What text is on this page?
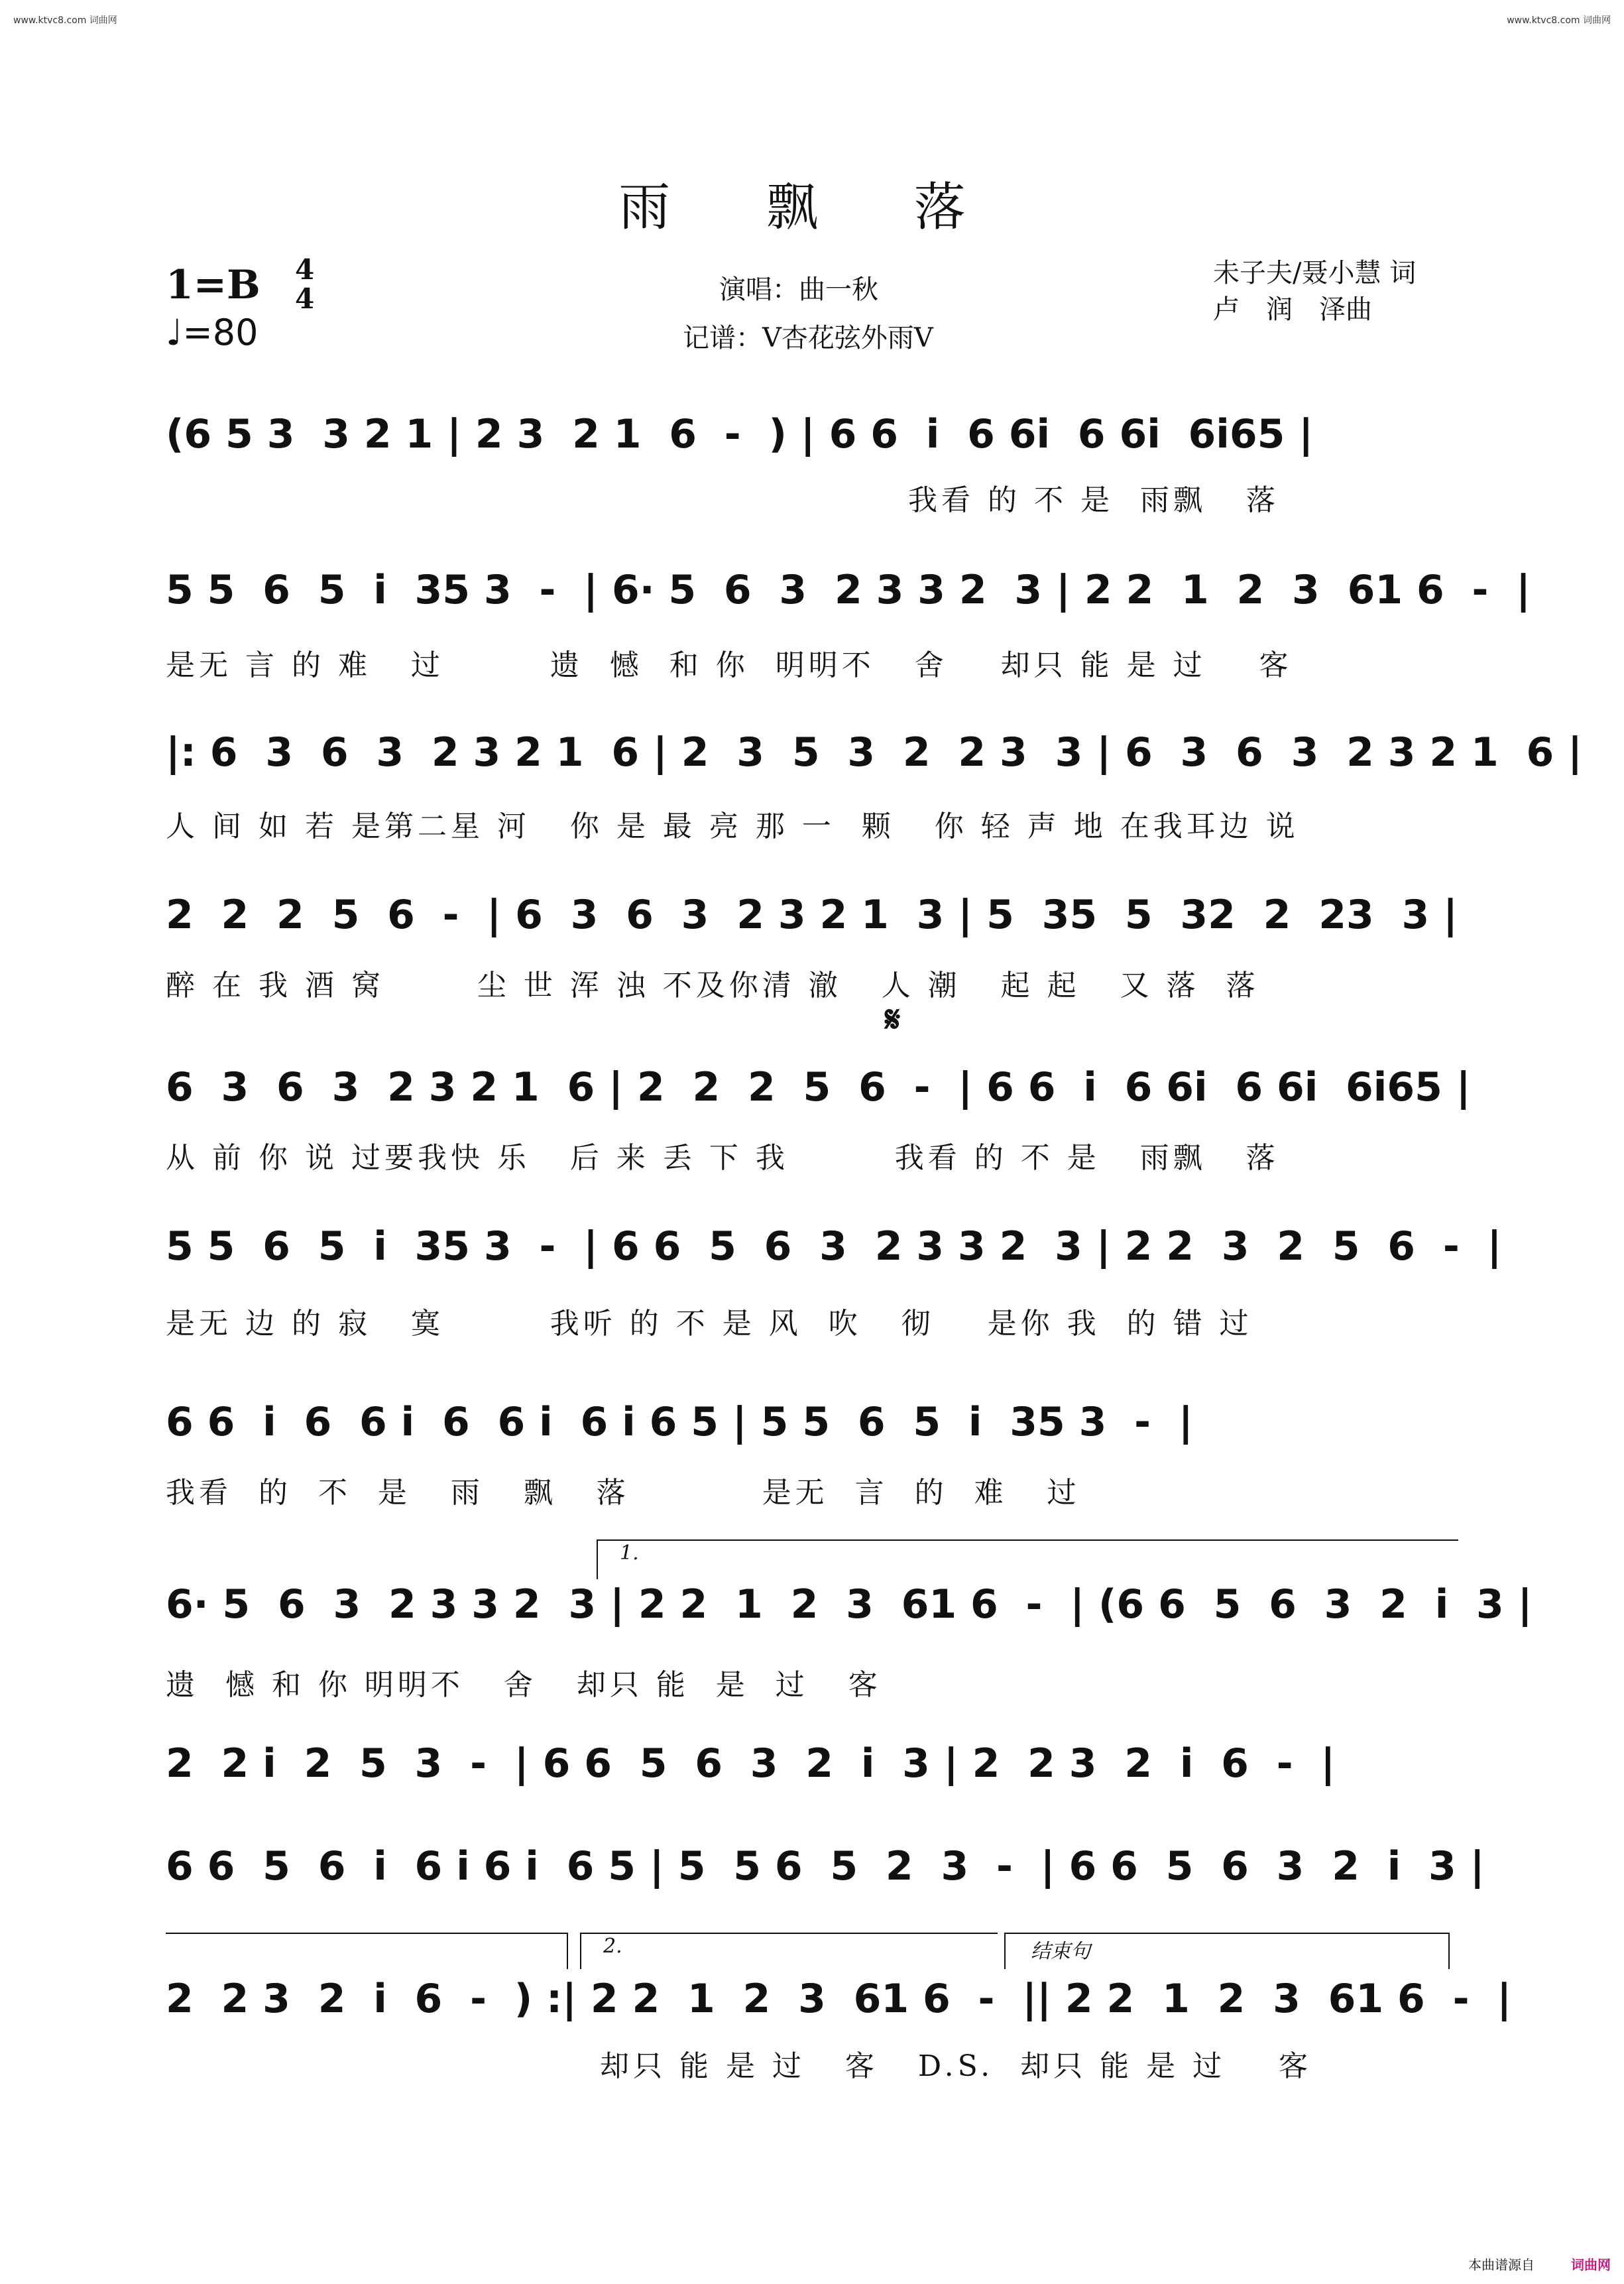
www.ktvc8.com 词曲网	www.ktvc8.com 词曲网
雨 飘 落
1=B 4
4
♩=80
演唱：曲一秋
记谱：V杏花弦外雨V
未子夫/聂小慧 词
卢　润　泽曲
(6 5 3  3 2 1 | 2 3  2 1  6  -  ) | 6 6  i  6 6i  6 6i  6i65 |
我看 的 不 是  雨飘   落
5 5  6  5  i  35 3  -  | 6· 5  6  3  2 3 3 2  3 | 2 2  1  2  3  61 6  -  |
是无 言 的 难   过        遗  憾  和 你  明明不   舍    却只 能 是 过    客
|: 6  3  6  3  2 3 2 1  6 | 2  3  5  3  2  2 3  3 | 6  3  6  3  2 3 2 1  6 |
人 间 如 若 是第二星 河   你 是 最 亮 那 一  颗   你 轻 声 地 在我耳边 说
2  2  2  5  6  -  | 6  3  6  3  2 3 2 1  3 | 5  35  5  32  2  23  3 |
醉 在 我 酒 窝       尘 世 浑 浊 不及你清 澈   人 潮   起 起   又 落  落
𝄋
6  3  6  3  2 3 2 1  6 | 2  2  2  5  6  -  | 6 6  i  6 6i  6 6i  6i65 |
从 前 你 说 过要我快 乐   后 来 丢 下 我        我看 的 不 是   雨飘   落
5 5  6  5  i  35 3  -  | 6 6  5  6  3  2 3 3 2  3 | 2 2  3  2  5  6  -  |
是无 边 的 寂   寞        我听 的 不 是 风  吹   彻    是你 我  的 错 过
6 6  i  6  6 i  6  6 i  6 i 6 5 | 5 5  6  5  i  35 3  -  |
我看  的  不  是   雨   飘   落          是无  言  的  难   过
1.
6· 5  6  3  2 3 3 2  3 | 2 2  1  2  3  61 6  -  | (6 6  5  6  3  2  i  3 |
遗  憾 和 你 明明不   舍   却只 能  是  过   客
2  2 i  2  5  3  -  | 6 6  5  6  3  2  i  3 | 2  2 3  2  i  6  -  |
6 6  5  6  i  6 i 6 i  6 5 | 5  5 6  5  2  3  -  | 6 6  5  6  3  2  i  3 |
2.	结束句
2  2 3  2  i  6  -  ) :| 2 2  1  2  3  61 6  -  || 2 2  1  2  3  61 6  -  |
却只 能 是 过   客   D.S.  却只 能 是 过    客
本曲谱源自	词曲网
